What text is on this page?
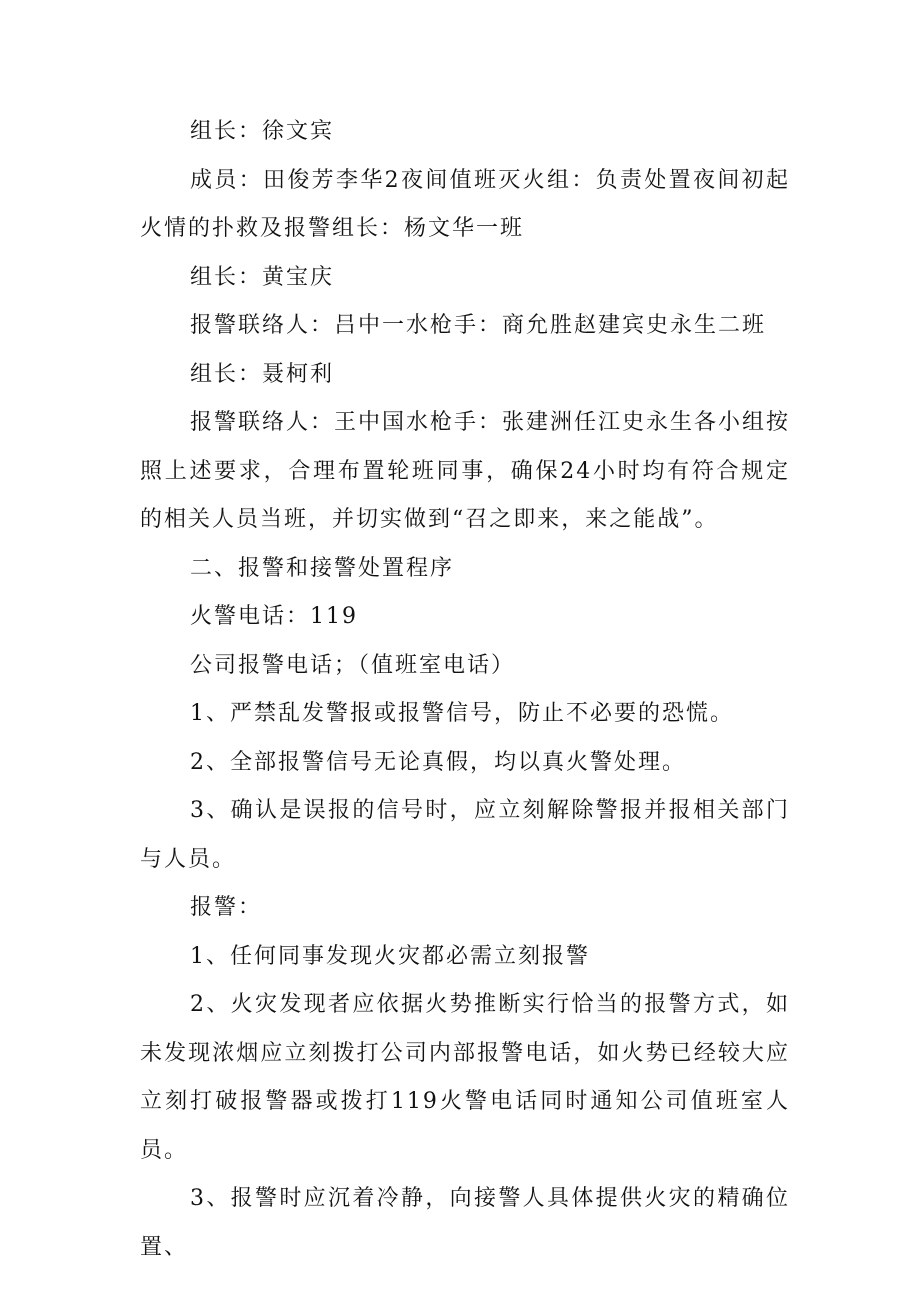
组长：徐文宾

成员：田俊芳李华2夜间值班灭火组：负责处置夜间初起火情的扑救及报警组长：杨文华一班

组长：黄宝庆

报警联络人：吕中一水枪手：商允胜赵建宾史永生二班

组长：聂柯利

报警联络人：王中国水枪手：张建洲任江史永生各小组按照上述要求，合理布置轮班同事，确保24小时均有符合规定的相关人员当班，并切实做到“召之即来，来之能战”。

二、报警和接警处置程序

火警电话：119

公司报警电话；（值班室电话）

1、严禁乱发警报或报警信号，防止不必要的恐慌。

2、全部报警信号无论真假，均以真火警处理。

3、确认是误报的信号时，应立刻解除警报并报相关部门与人员。

报警：

1、任何同事发现火灾都必需立刻报警

2、火灾发现者应依据火势推断实行恰当的报警方式，如未发现浓烟应立刻拨打公司内部报警电话，如火势已经较大应立刻打破报警器或拨打119火警电话同时通知公司值班室人员。

3、报警时应沉着冷静，向接警人具体提供火灾的精确位置、
